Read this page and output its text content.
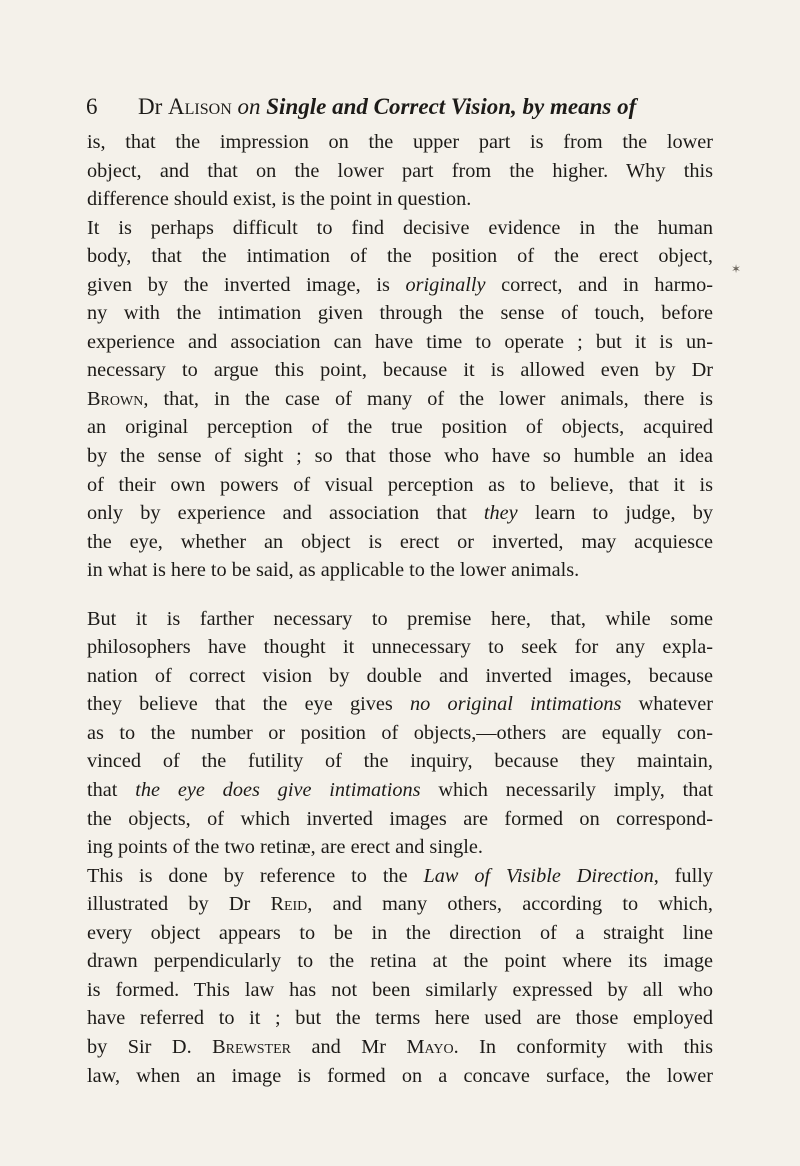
6 Dr Alison on Single and Correct Vision, by means of

is, that the impression on the upper part is from the lower
object, and that on the lower part from the higher. Why this
difference should exist, is the point in question.

It is perhaps difficult to find decisive evidence in the human
body, that the intimation of the position of the erect object,
given by the inverted image, is originally correct, and in harmo-
ny with the intimation given through the sense of touch, before
experience and association can have time to operate ; but it is un-
necessary to argue this point, because it is allowed even by Dr
Brown, that, in the case of many of the lower animals, there is
an original perception of the true position of objects, acquired
by the sense of sight ; so that those who have so humble an idea
of their own powers of visual perception as to believe, that it is
only by experience and association that they learn to judge, by
the eye, whether an object is erect or inverted, may acquiesce
in what is here to be said, as applicable to the lower animals.

But it is farther necessary to premise here, that, while some
philosophers have thought it unnecessary to seek for any expla-
nation of correct vision by double and inverted images, because
they believe that the eye gives no original intimations whatever
as to the number or position of objects,—others are equally con-
vinced of the futility of the inquiry, because they maintain,
that the eye does give intimations which necessarily imply, that
the objects, of which inverted images are formed on correspond-
ing points of the two retinæ, are erect and single.
This is done by reference to the Law of Visible Direction, fully
illustrated by Dr Reid, and many others, according to which,
every object appears to be in the direction of a straight line
drawn perpendicularly to the retina at the point where its image
is formed. This law has not been similarly expressed by all who
have referred to it ; but the terms here used are those employed
by Sir D. Brewster and Mr Mayo. In conformity with this
law, when an image is formed on a concave surface, the lower

✶
